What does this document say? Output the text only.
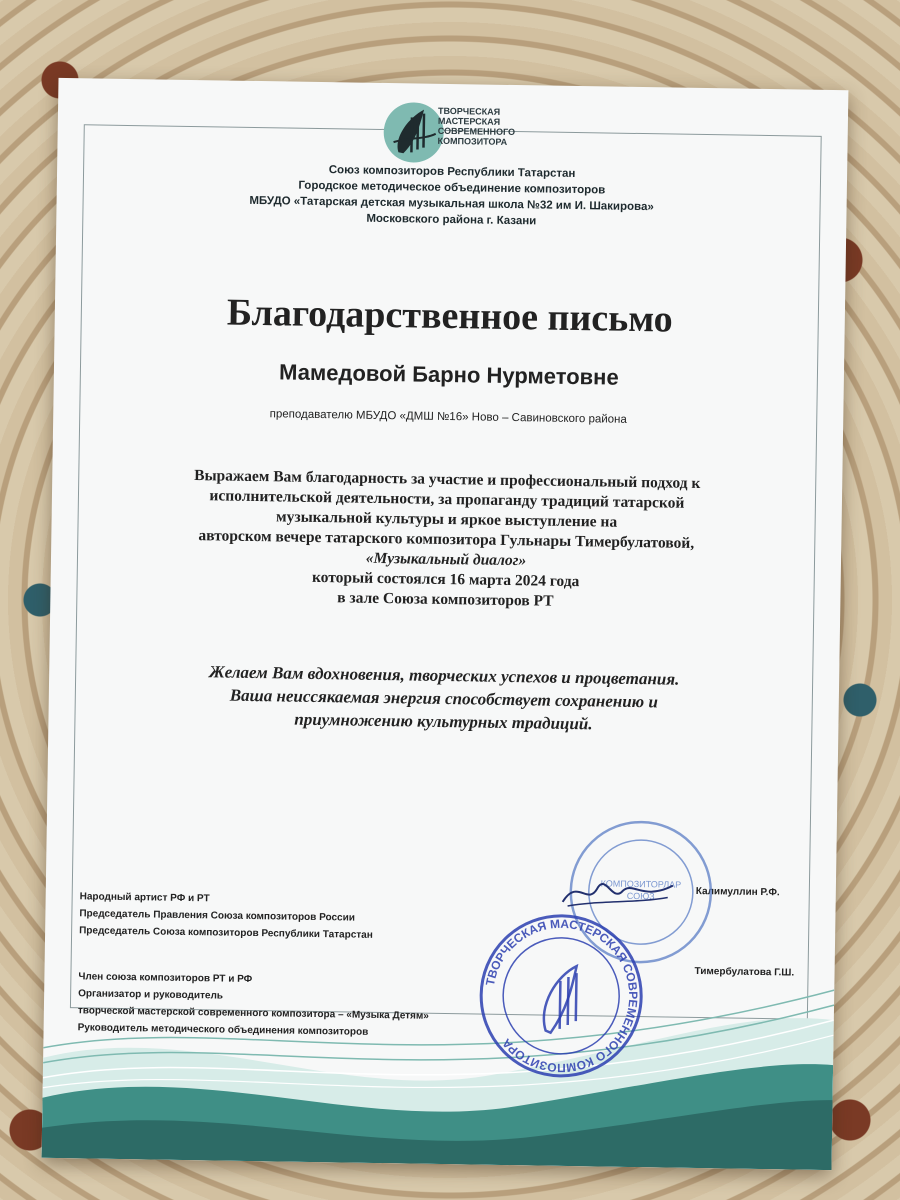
ТВОРЧЕСКАЯ
МАСТЕРСКАЯ
СОВРЕМЕННОГО
КОМПОЗИТОРА
Союз композиторов Республики Татарстан
Городское методическое объединение композиторов
МБУДО «Татарская детская музыкальная школа №32 им И. Шакирова»
Московского района г. Казани
Благодарственное письмо
Мамедовой Барно Нурметовне
преподавателю МБУДО «ДМШ №16» Ново – Савиновского района
Выражаем Вам благодарность за участие и профессиональный подход к
исполнительской деятельности, за пропаганду традиций татарской
музыкальной культуры и яркое выступление на
авторском вечере татарского композитора Гульнары Тимербулатовой,
«Музыкальный диалог»
который состоялся 16 марта 2024 года
в зале Союза композиторов РТ
Желаем Вам вдохновения, творческих успехов и процветания.
Ваша неиссякаемая энергия способствует сохранению и
приумножению культурных традиций.
Народный артист РФ и РТ
Председатель Правления Союза композиторов России
Председатель Союза композиторов Республики Татарстан
Калимуллин Р.Ф.
Член союза композиторов РТ и РФ
Организатор и руководитель
творческой мастерской современного композитора – «Музыка Детям»
Руководитель методического объединения композиторов
Тимербулатова Г.Ш.
КОМПОЗИТОРЛАР
СОЮЗ
ТВОРЧЕСКАЯ МАСТЕРСКАЯ СОВРЕМЕННОГО КОМПОЗИТОРА
